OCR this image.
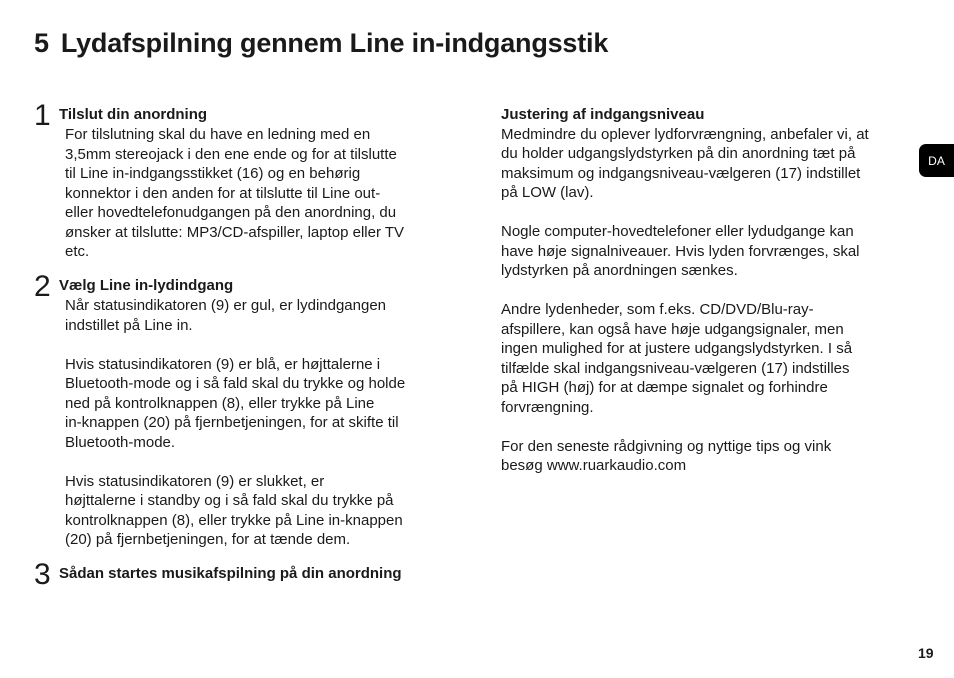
5 Lydafspilning gennem Line in-indgangsstik
1 Tilslut din anordning

For tilslutning skal du have en ledning med en
3,5mm stereojack i den ene ende og for at tilslutte
til Line in-indgangsstikket (16) og en behørig
konnektor i den anden for at tilslutte til Line out-
eller hovedtelefonudgangen på den anordning, du
ønsker at tilslutte: MP3/CD-afspiller, laptop eller TV
etc.

2 Vælg Line in-lydindgang

Når statusindikatoren (9) er gul, er lydindgangen
indstillet på Line in.

Hvis statusindikatoren (9) er blå, er højttalerne i
Bluetooth-mode og i så fald skal du trykke og holde
ned på kontrolknappen (8), eller trykke på Line
in-knappen (20) på fjernbetjeningen, for at skifte til
Bluetooth-mode.

Hvis statusindikatoren (9) er slukket, er
højttalerne i standby og i så fald skal du trykke på
kontrolknappen (8), eller trykke på Line in-knappen
(20) på fjernbetjeningen, for at tænde dem.

3 Sådan startes musikafspilning på din anordning
Justering af indgangsniveau

Medmindre du oplever lydforvrængning, anbefaler vi, at
du holder udgangslydstyrken på din anordning tæt på
maksimum og indgangsniveau-vælgeren (17) indstillet
på LOW (lav).

Nogle computer-hovedtelefoner eller lydudgange kan
have høje signalniveauer. Hvis lyden forvrænges, skal
lydstyrken på anordningen sænkes.

Andre lydenheder, som f.eks. CD/DVD/Blu-ray-
afspillere, kan også have høje udgangsignaler, men
ingen mulighed for at justere udgangslydstyrken. I så
tilfælde skal indgangsniveau-vælgeren (17) indstilles
på HIGH (høj) for at dæmpe signalet og forhindre
forvrængning.

For den seneste rådgivning og nyttige tips og vink
besøg www.ruarkaudio.com

DA
19
